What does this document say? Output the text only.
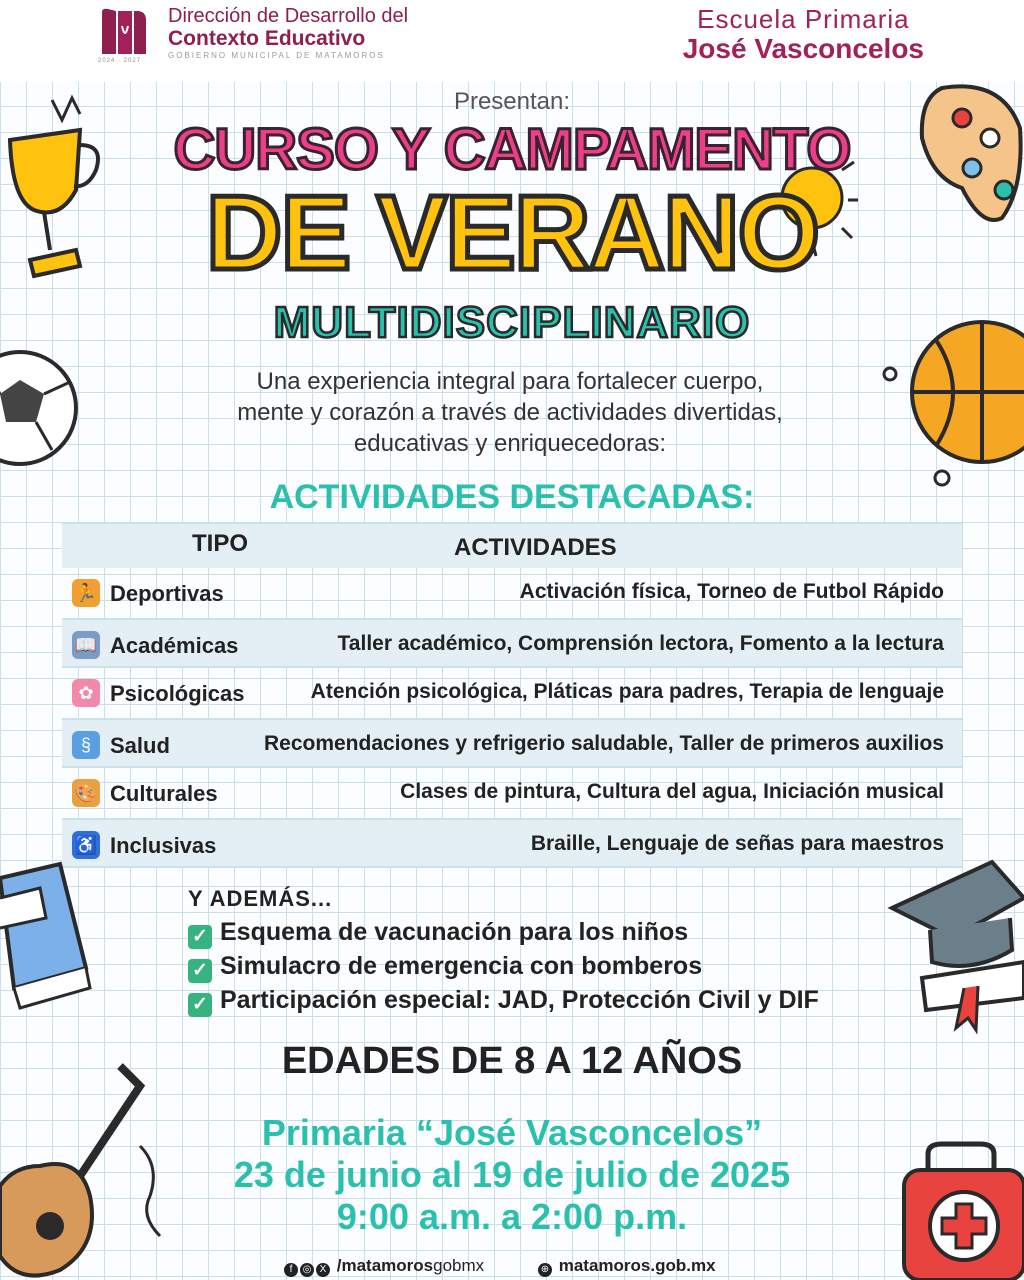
2024 · 2027
Dirección de Desarrollo del
Contexto Educativo
GOBIERNO MUNICIPAL DE MATAMOROS
Escuela Primaria
José Vasconcelos
Presentan:
CURSO Y CAMPAMENTO
DE VERANO
MULTIDISCIPLINARIO
Una experiencia integral para fortalecer cuerpo,
mente y corazón a través de actividades divertidas,
educativas y enriquecedoras:
ACTIVIDADES DESTACADAS:
TIPO	ACTIVIDADES
🏃 Deportivas	Activación física, Torneo de Futbol Rápido
📖 Académicas	Taller académico, Comprensión lectora, Fomento a la lectura
✿ Psicológicas	Atención psicológica, Pláticas para padres, Terapia de lenguaje
§ Salud	Recomendaciones y refrigerio saludable, Taller de primeros auxilios
🎨 Culturales	Clases de pintura, Cultura del agua, Iniciación musical
♿ Inclusivas	Braille, Lenguaje de señas para maestros
Y ADEMÁS...
✓ Esquema de vacunación para los niños
✓ Simulacro de emergencia con bomberos
✓ Participación especial: JAD, Protección Civil y DIF
EDADES DE 8 A 12 AÑOS
Primaria “José Vasconcelos”
23 de junio al 19 de julio de 2025
9:00 a.m. a 2:00 p.m.
f ◎ X /matamorosgobmx	⊕ matamoros.gob.mx
